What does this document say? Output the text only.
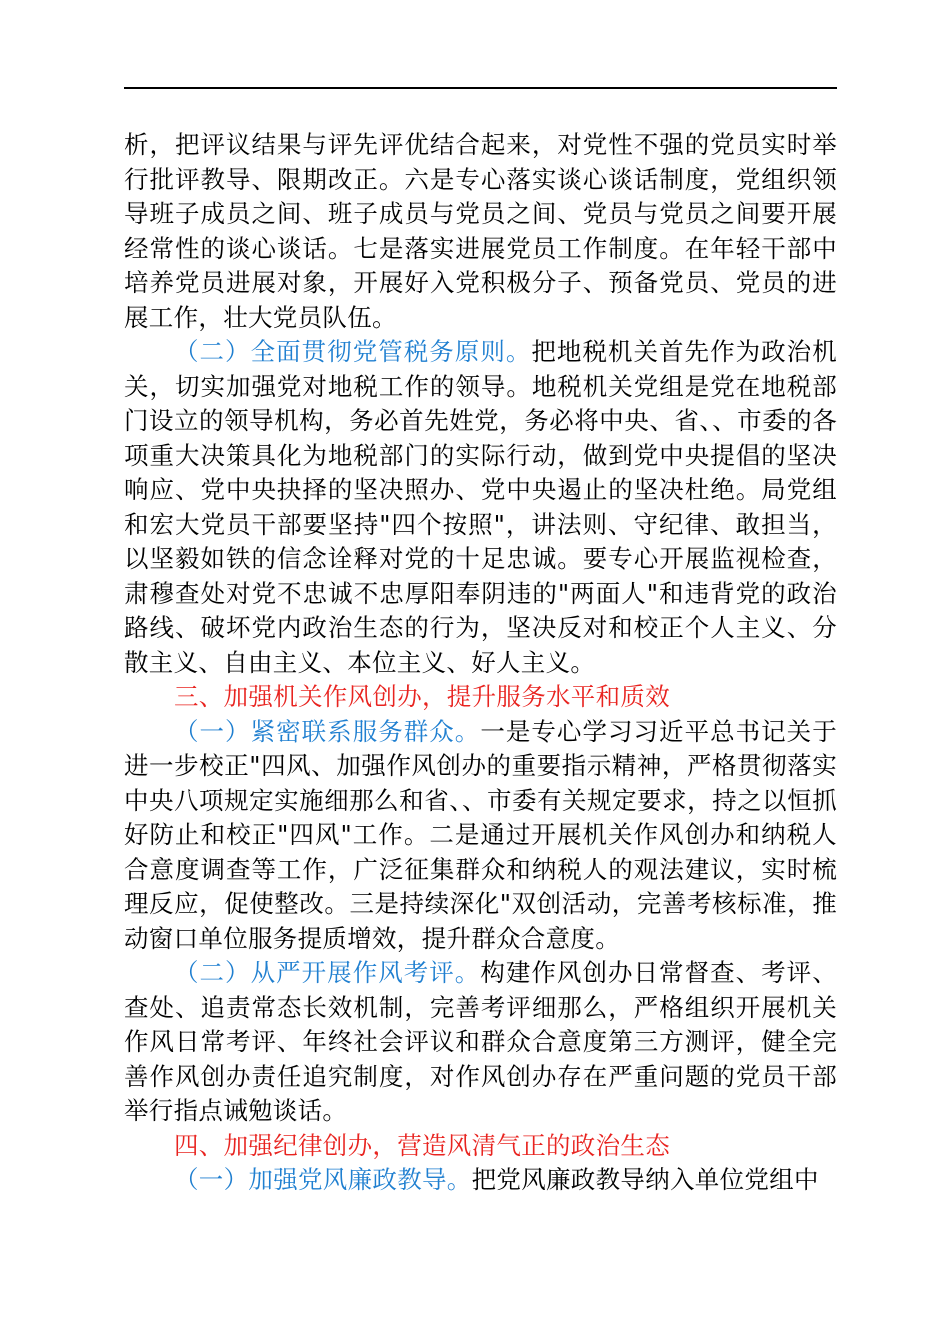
析，把评议结果与评先评优结合起来，对党性不强的党员实时举行批评教导、限期改正。六是专心落实谈心谈话制度，党组织领导班子成员之间、班子成员与党员之间、党员与党员之间要开展经常性的谈心谈话。七是落实进展党员工作制度。在年轻干部中培养党员进展对象，开展好入党积极分子、预备党员、党员的进展工作，壮大党员队伍。

（二）全面贯彻党管税务原则。把地税机关首先作为政治机关，切实加强党对地税工作的领导。地税机关党组是党在地税部门设立的领导机构，务必首先姓党，务必将中央、省、、市委的各项重大决策具化为地税部门的实际行动，做到党中央提倡的坚决响应、党中央抉择的坚决照办、党中央遏止的坚决杜绝。局党组和宏大党员干部要坚持"四个按照"，讲法则、守纪律、敢担当，以坚毅如铁的信念诠释对党的十足忠诚。要专心开展监视检查，肃穆查处对党不忠诚不忠厚阳奉阴违的"两面人"和违背党的政治路线、破坏党内政治生态的行为，坚决反对和校正个人主义、分散主义、自由主义、本位主义、好人主义。

三、加强机关作风创办，提升服务水平和质效

（一）紧密联系服务群众。一是专心学习习近平总书记关于进一步校正"四风、加强作风创办的重要指示精神，严格贯彻落实中央八项规定实施细那么和省、、市委有关规定要求，持之以恒抓好防止和校正"四风"工作。二是通过开展机关作风创办和纳税人合意度调查等工作，广泛征集群众和纳税人的观法建议，实时梳理反应，促使整改。三是持续深化"双创活动，完善考核标准，推动窗口单位服务提质增效，提升群众合意度。

（二）从严开展作风考评。构建作风创办日常督查、考评、查处、追责常态长效机制，完善考评细那么，严格组织开展机关作风日常考评、年终社会评议和群众合意度第三方测评，健全完善作风创办责任追究制度，对作风创办存在严重问题的党员干部举行指点诫勉谈话。

四、加强纪律创办，营造风清气正的政治生态

（一）加强党风廉政教导。把党风廉政教导纳入单位党组中
